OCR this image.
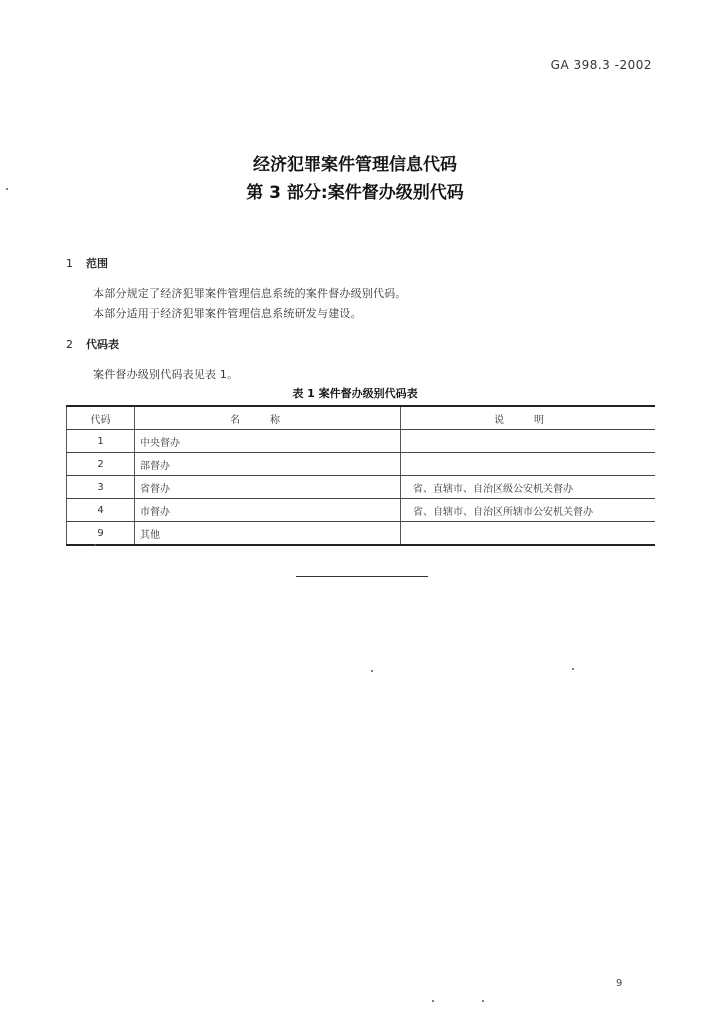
GA 398.3 -2002
经济犯罪案件管理信息代码
第 3 部分:案件督办级别代码
1 范围
本部分规定了经济犯罪案件管理信息系统的案件督办级别代码。
本部分适用于经济犯罪案件管理信息系统研发与建设。
2 代码表
案件督办级别代码表见表 1。
表 1 案件督办级别代码表
代码	名称	说明
1	中央督办	
2	部督办	
3	省督办	省、直辖市、自治区级公安机关督办
4	市督办	省、自辖市、自治区所辖市公安机关督办
9	其他	
9
